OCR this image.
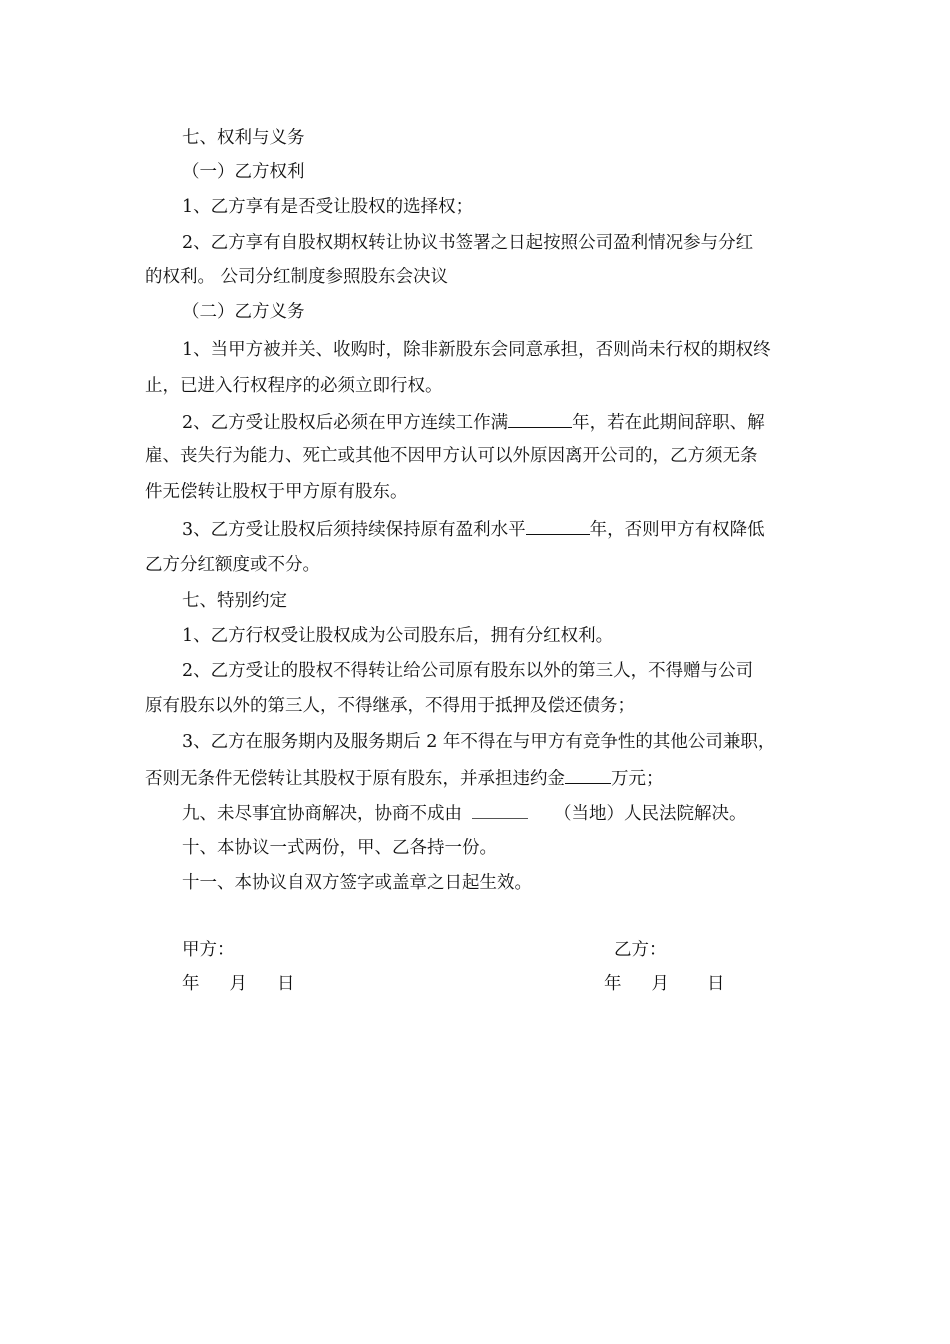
七、权利与义务
（一）乙方权利
1、乙方享有是否受让股权的选择权；
2、乙方享有自股权期权转让协议书签署之日起按照公司盈利情况参与分红
的权利。 公司分红制度参照股东会决议
（二）乙方义务
1、当甲方被并关、收购时，除非新股东会同意承担，否则尚未行权的期权终
止，已进入行权程序的必须立即行权。
2、乙方受让股权后必须在甲方连续工作满	年，若在此期间辞职、解
雇、丧失行为能力、死亡或其他不因甲方认可以外原因离开公司的，乙方须无条
件无偿转让股权于甲方原有股东。
3、乙方受让股权后须持续保持原有盈利水平	年，否则甲方有权降低
乙方分红额度或不分。
七、特别约定
1、乙方行权受让股权成为公司股东后，拥有分红权利。
2、乙方受让的股权不得转让给公司原有股东以外的第三人，不得赠与公司
原有股东以外的第三人，不得继承，不得用于抵押及偿还债务；
3、乙方在服务期内及服务期后 2 年不得在与甲方有竞争性的其他公司兼职，
否则无条件无偿转让其股权于原有股东，并承担违约金	万元；
九、未尽事宜协商解决，协商不成由	（当地）人民法院解决。
十、本协议一式两份，甲、乙各持一份。
十一、本协议自双方签字或盖章之日起生效。
甲方：	乙方：
年 月 日	年 月 日
